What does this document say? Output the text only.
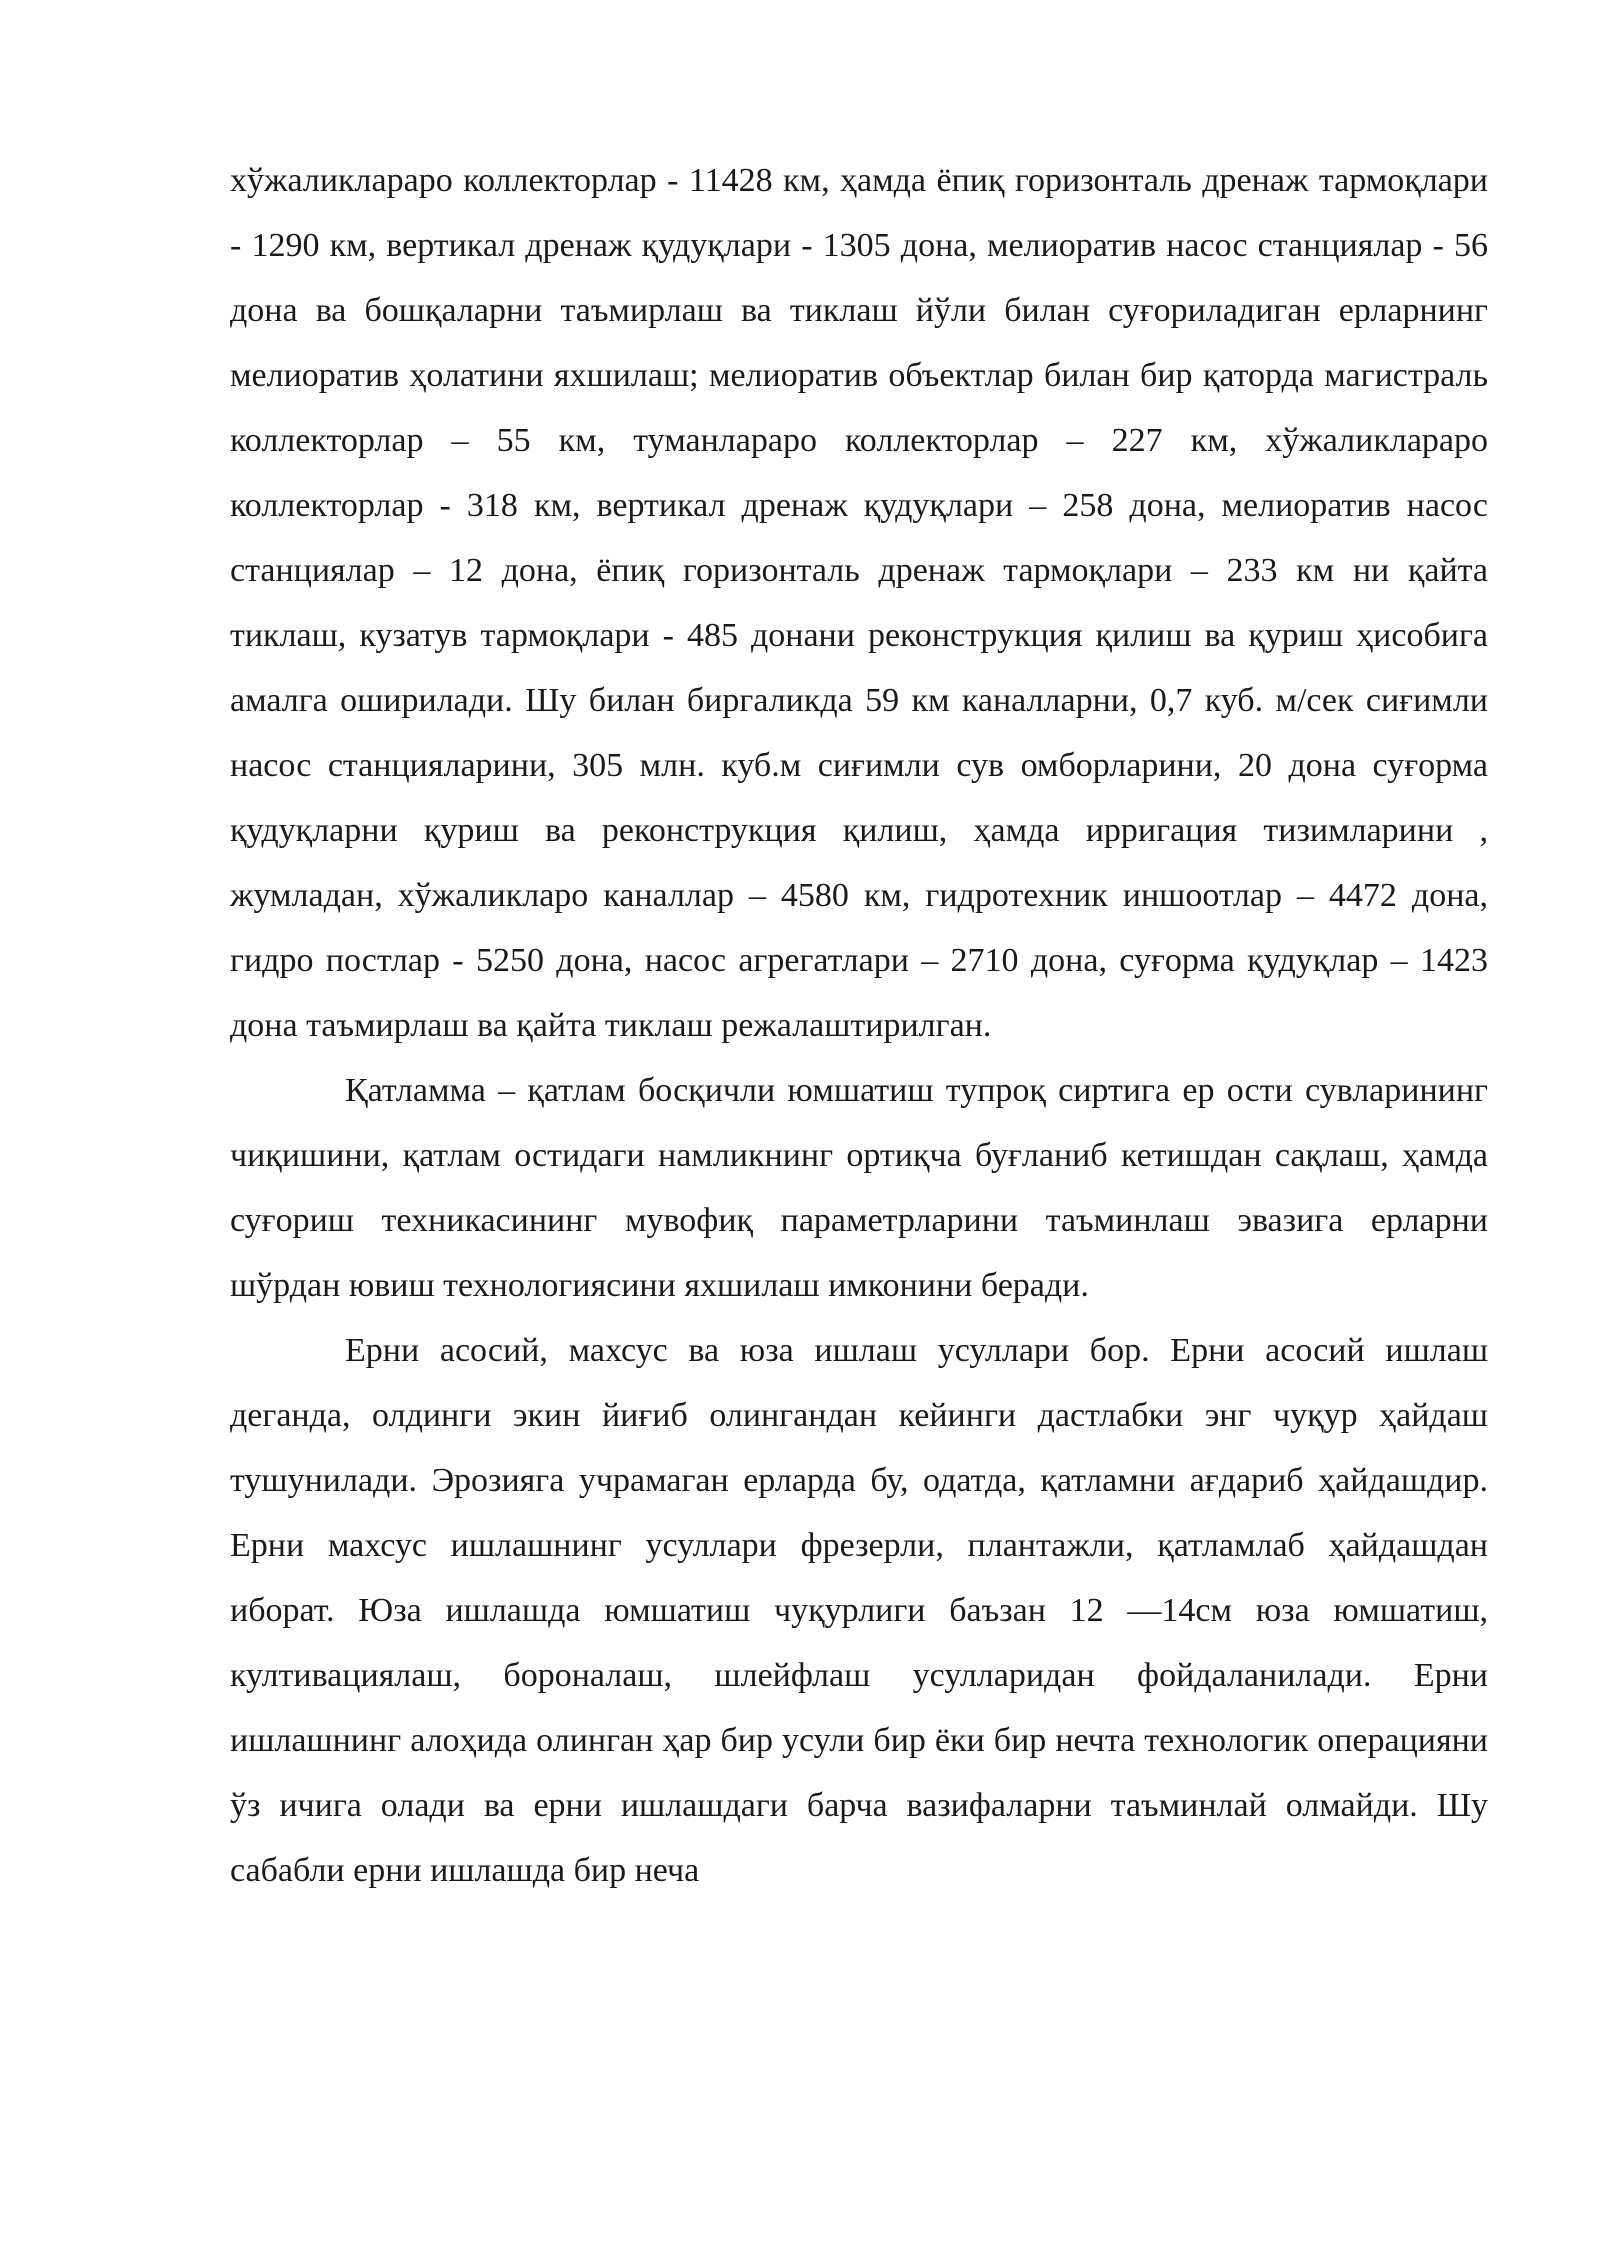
хўжаликлараро коллекторлар - 11428 км, ҳамда ёпиқ горизонталь дренаж тармоқлари - 1290 км, вертикал дренаж қудуқлари - 1305 дона, мелиоратив насос станциялар - 56 дона ва бошқаларни таъмирлаш ва тиклаш йўли билан суғориладиган ерларнинг мелиоратив ҳолатини яхшилаш; мелиоратив объектлар билан бир қаторда магистраль коллекторлар – 55 км, туманлараро коллекторлар – 227 км, хўжаликлараро коллекторлар - 318 км, вертикал дренаж қудуқлари – 258 дона, мелиоратив насос станциялар – 12 дона, ёпиқ горизонталь дренаж тармоқлари – 233 км ни қайта тиклаш, кузатув тармоқлари - 485 донани реконструкция қилиш ва қуриш ҳисобига амалга оширилади. Шу билан биргаликда 59 км каналларни, 0,7 куб. м/сек сиғимли насос станцияларини, 305 млн. куб.м сиғимли сув омборларини, 20 дона суғорма қудуқларни қуриш ва реконструкция қилиш, ҳамда ирригация тизимларини , жумладан, хўжаликларо каналлар – 4580 км, гидротехник иншоотлар – 4472 дона, гидро постлар - 5250 дона, насос агрегатлари – 2710 дона, суғорма қудуқлар – 1423 дона таъмирлаш ва қайта тиклаш режалаштирилган.

Қатламма – қатлам босқичли юмшатиш тупроқ сиртига ер ости сувларининг чиқишини, қатлам остидаги намликнинг ортиқча буғланиб кетишдан сақлаш, ҳамда суғориш техникасининг мувофиқ параметрларини таъминлаш эвазига ерларни шўрдан ювиш технологиясини яхшилаш имконини беради.

Ерни асосий, махсус ва юза ишлаш усуллари бор. Ерни асосий ишлаш деганда, олдинги экин йиғиб олингандан кейинги дастлабки энг чуқур ҳайдаш тушунилади. Эрозияга учрамаган ерларда бу, одатда, қатламни ағдариб ҳайдашдир. Ерни махсус ишлашнинг усуллари фрезерли, плантажли, қатламлаб ҳайдашдан иборат. Юза ишлашда юмшатиш чуқурлиги баъзан 12 —14см юза юмшатиш, култивациялаш, бороналаш, шлейфлаш усулларидан фойдаланилади. Ерни ишлашнинг алоҳида олинган ҳар бир усули бир ёки бир нечта технологик операцияни ўз ичига олади ва ерни ишлашдаги барча вазифаларни таъминлай олмайди. Шу сабабли ерни ишлашда бир неча
